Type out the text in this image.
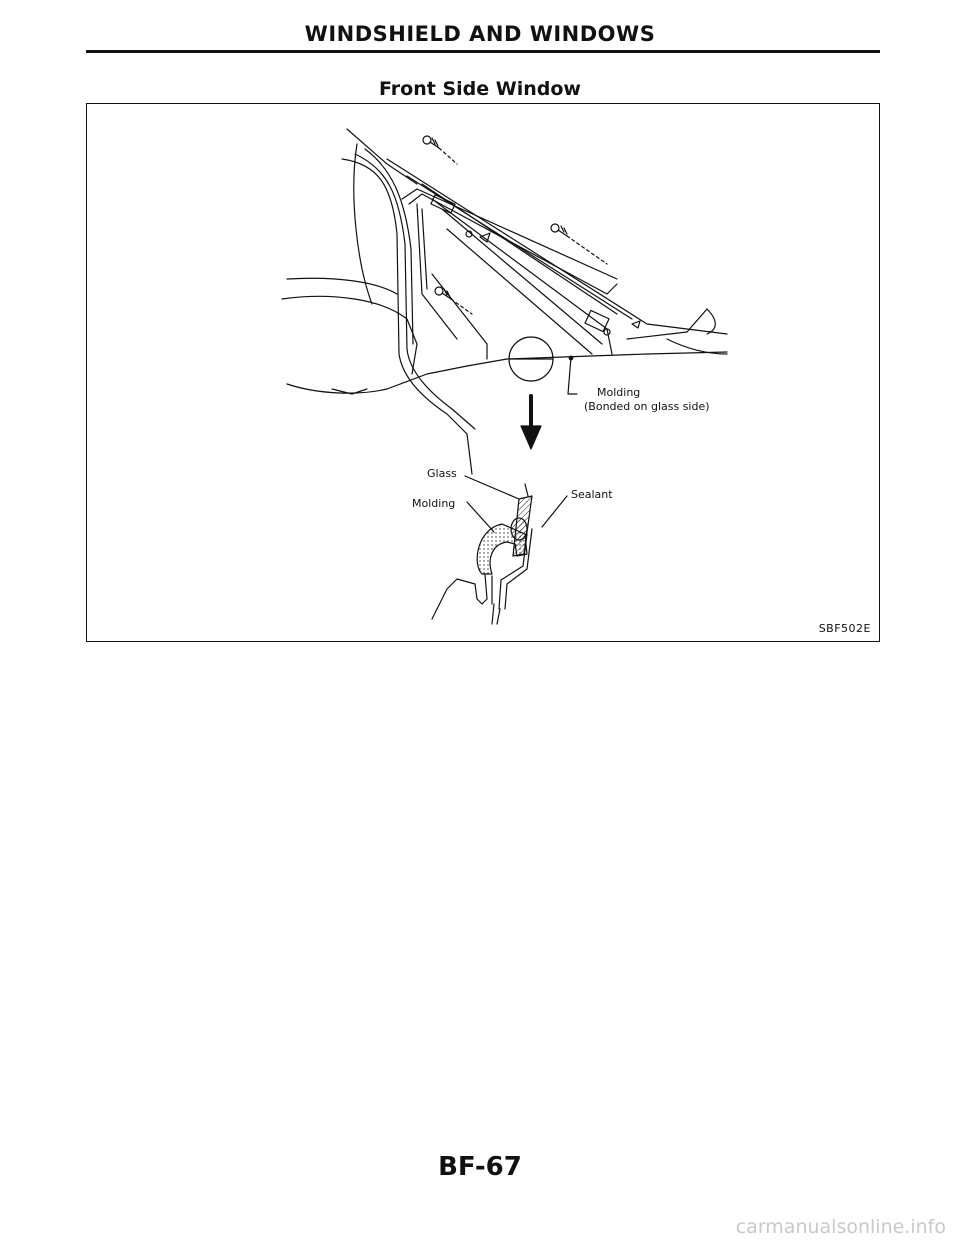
WINDSHIELD AND WINDOWS
Front Side Window
Molding
(Bonded on glass side)
Glass
Molding
Sealant
SBF502E
BF-67
carmanualsonline.info
